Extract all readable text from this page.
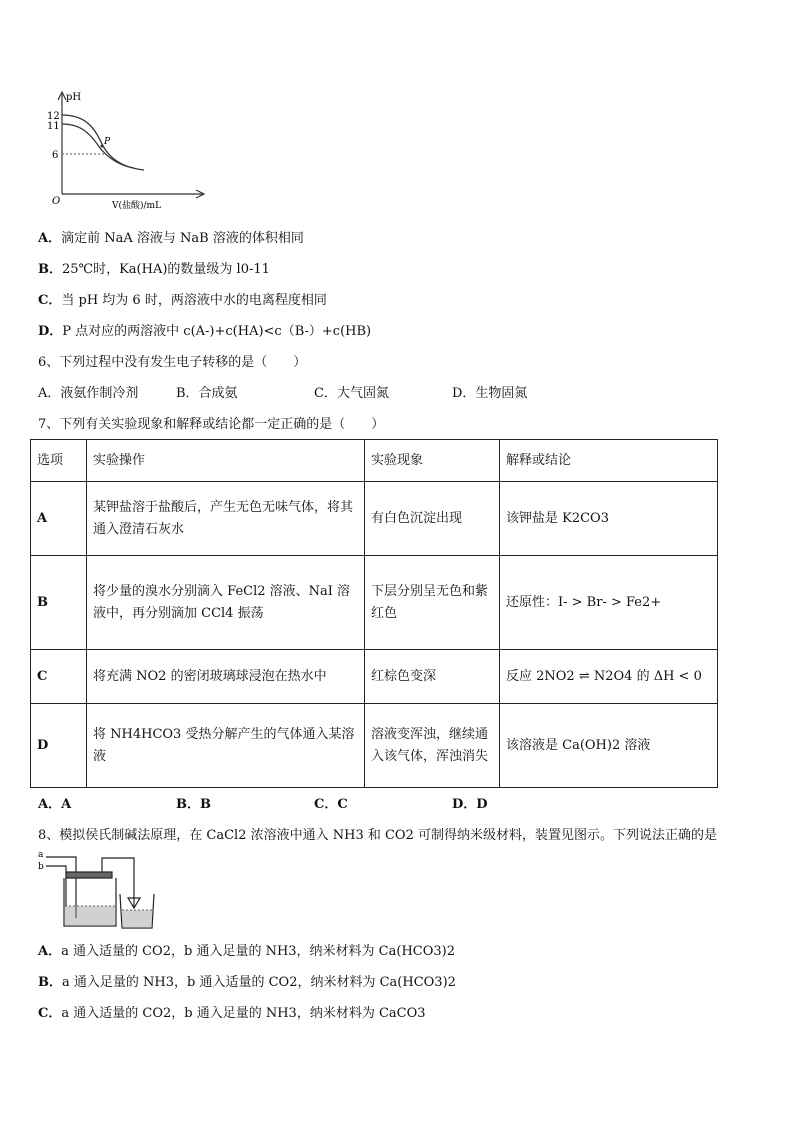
pH
12
11
6
O
P
V(盐酸)/mL
A．滴定前 NaA 溶液与 NaB 溶液的体积相同
B．25℃时，Ka(HA)的数量级为 l0-11
C．当 pH 均为 6 时，两溶液中水的电离程度相同
D．P 点对应的两溶液中 c(A-)+c(HA)<c（B-）+c(HB)
6、下列过程中没有发生电子转移的是（　　）
A．液氨作制冷剂	B．合成氨	C．大气固氮	D．生物固氮
7、下列有关实验现象和解释或结论都一定正确的是（　　）
选项	实验操作	实验现象	解释或结论
A	某钾盐溶于盐酸后，产生无色无味气体，将其通入澄清石灰水	有白色沉淀出现	该钾盐是 K2CO3
B	将少量的溴水分别滴入 FeCl2 溶液、NaI 溶液中，再分别滴加 CCl4 振荡	下层分别呈无色和紫红色	还原性：I- > Br- > Fe2+
C	将充满 NO2 的密闭玻璃球浸泡在热水中	红棕色变深	反应 2NO2 ⇌ N2O4 的 ΔH < 0
D	将 NH4HCO3 受热分解产生的气体通入某溶液	溶液变浑浊，继续通入该气体，浑浊消失	该溶液是 Ca(OH)2 溶液
A．A	B．B	C．C	D．D
8、模拟侯氏制碱法原理，在 CaCl2 浓溶液中通入 NH3 和 CO2 可制得纳米级材料，装置见图示。下列说法正确的是
a
b
A．a 通入适量的 CO2，b 通入足量的 NH3，纳米材料为 Ca(HCO3)2
B．a 通入足量的 NH3，b 通入适量的 CO2，纳米材料为 Ca(HCO3)2
C．a 通入适量的 CO2，b 通入足量的 NH3，纳米材料为 CaCO3
